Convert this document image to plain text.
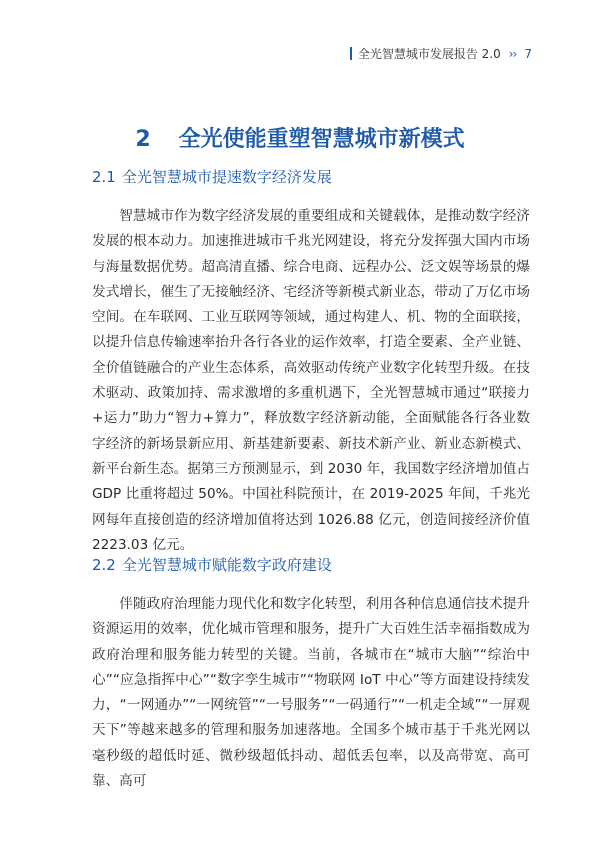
全光智慧城市发展报告 2.0 ›› 7
2 全光使能重塑智慧城市新模式
2.1 全光智慧城市提速数字经济发展

智慧城市作为数字经济发展的重要组成和关键载体，是推动数字经济发展的根本动力。加速推进城市千兆光网建设，将充分发挥强大国内市场与海量数据优势。超高清直播、综合电商、远程办公、泛文娱等场景的爆发式增长，催生了无接触经济、宅经济等新模式新业态，带动了万亿市场空间。在车联网、工业互联网等领域，通过构建人、机、物的全面联接，以提升信息传输速率抬升各行各业的运作效率，打造全要素、全产业链、全价值链融合的产业生态体系，高效驱动传统产业数字化转型升级。在技术驱动、政策加持、需求激增的多重机遇下，全光智慧城市通过“联接力+运力”助力“智力+算力”，释放数字经济新动能，全面赋能各行各业数字经济的新场景新应用、新基建新要素、新技术新产业、新业态新模式、新平台新生态。据第三方预测显示，到 2030 年，我国数字经济增加值占 GDP 比重将超过 50%。中国社科院预计，在 2019-2025 年间，千兆光网每年直接创造的经济增加值将达到 1026.88 亿元，创造间接经济价值 2223.03 亿元。

2.2 全光智慧城市赋能数字政府建设

伴随政府治理能力现代化和数字化转型，利用各种信息通信技术提升资源运用的效率，优化城市管理和服务，提升广大百姓生活幸福指数成为政府治理和服务能力转型的关键。当前，各城市在“城市大脑”“综治中心”“应急指挥中心”“数字孪生城市”“物联网 IoT 中心”等方面建设持续发力，“一网通办”“一网统管”“一号服务”“一码通行”“一机走全域”“一屏观天下”等越来越多的管理和服务加速落地。全国多个城市基于千兆光网以毫秒级的超低时延、微秒级超低抖动、超低丢包率，以及高带宽、高可靠、高可
